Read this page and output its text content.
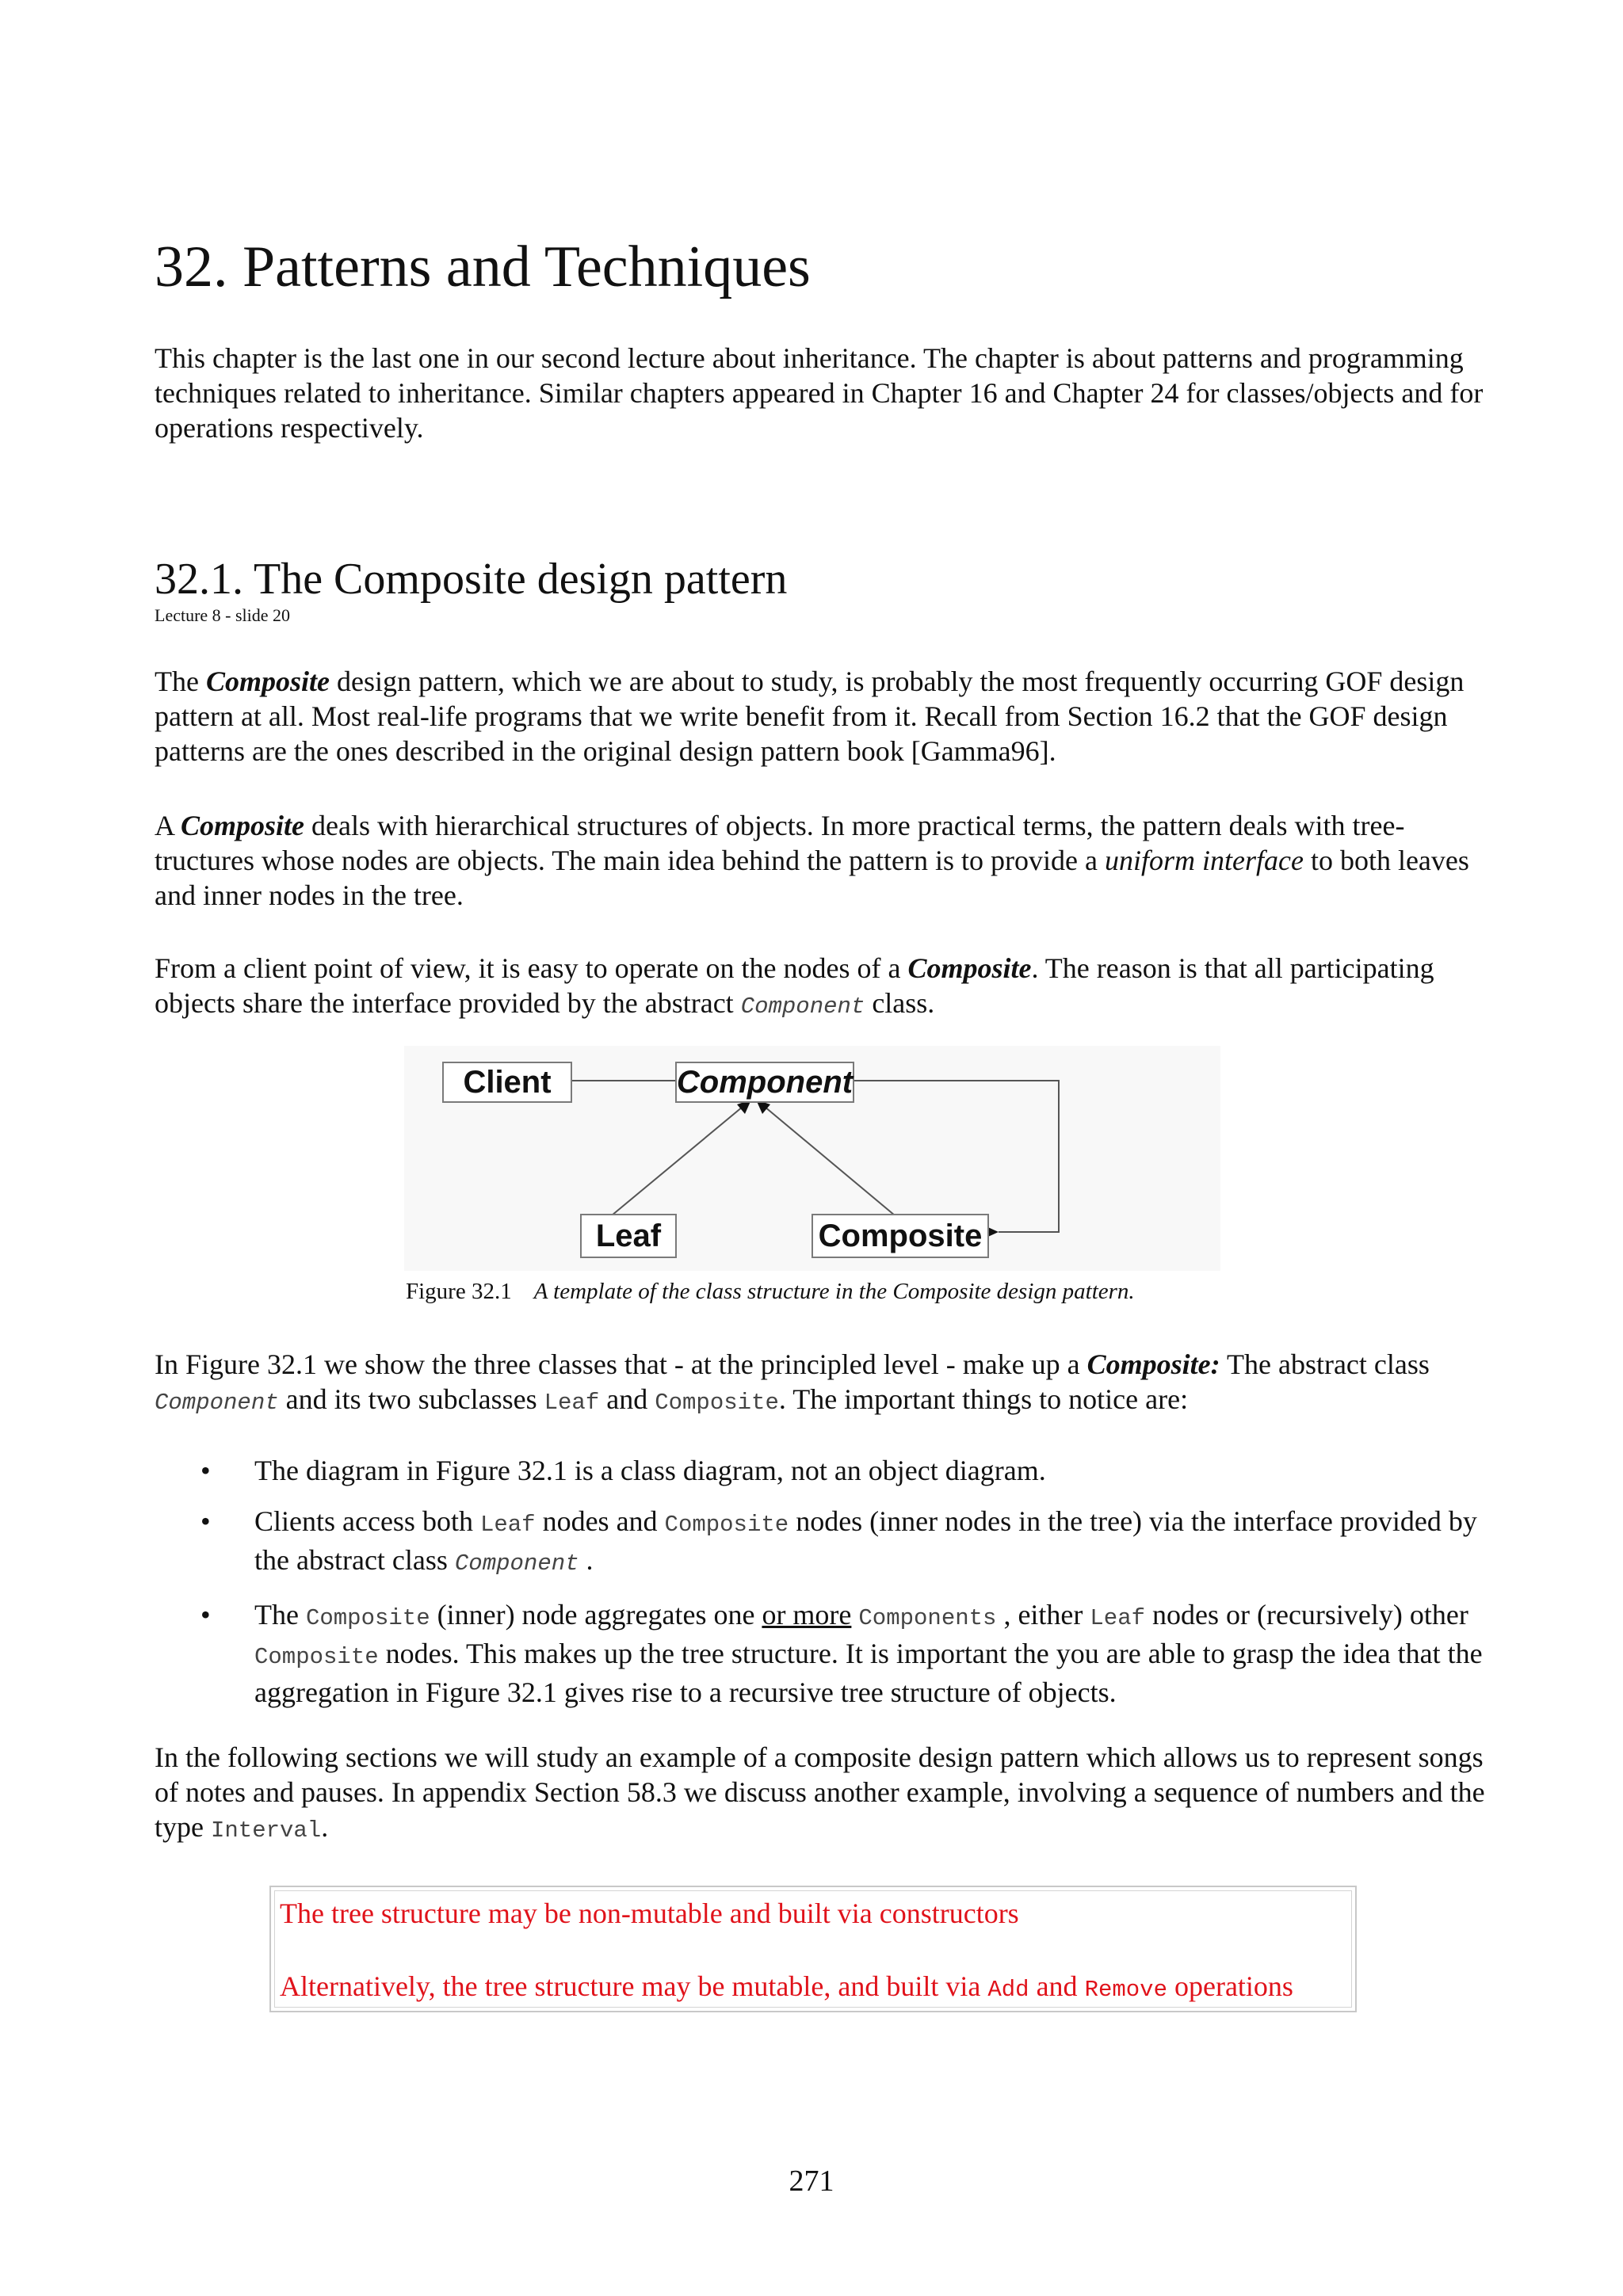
32. Patterns and Techniques
This chapter is the last one in our second lecture about inheritance. The chapter is about patterns and programming techniques related to inheritance. Similar chapters appeared in Chapter 16 and Chapter 24 for classes/objects and for operations respectively.
32.1. The Composite design pattern
Lecture 8 - slide 20
The Composite design pattern, which we are about to study, is probably the most frequently occurring GOF design pattern at all. Most real-life programs that we write benefit from it. Recall from Section 16.2 that the GOF design patterns are the ones described in the original design pattern book [Gamma96].
A Composite deals with hierarchical structures of objects. In more practical terms, the pattern deals with tree-tructures whose nodes are objects. The main idea behind the pattern is to provide a uniform interface to both leaves and inner nodes in the tree.
From a client point of view, it is easy to operate on the nodes of a Composite. The reason is that all participating objects share the interface provided by the abstract Component class.
Client	Component
Leaf	Composite
Figure 32.1 A template of the class structure in the Composite design pattern.
In Figure 32.1 we show the three classes that - at the principled level - make up a Composite: The abstract class Component and its two subclasses Leaf and Composite. The important things to notice are:
• The diagram in Figure 32.1 is a class diagram, not an object diagram.
• Clients access both Leaf nodes and Composite nodes (inner nodes in the tree) via the interface provided by the abstract class Component .
• The Composite (inner) node aggregates one or more Components , either Leaf nodes or (recursively) other Composite nodes. This makes up the tree structure. It is important the you are able to grasp the idea that the aggregation in Figure 32.1 gives rise to a recursive tree structure of objects.
In the following sections we will study an example of a composite design pattern which allows us to represent songs of notes and pauses. In appendix Section 58.3 we discuss another example, involving a sequence of numbers and the type Interval.
The tree structure may be non-mutable and built via constructors
Alternatively, the tree structure may be mutable, and built via Add and Remove operations
271
